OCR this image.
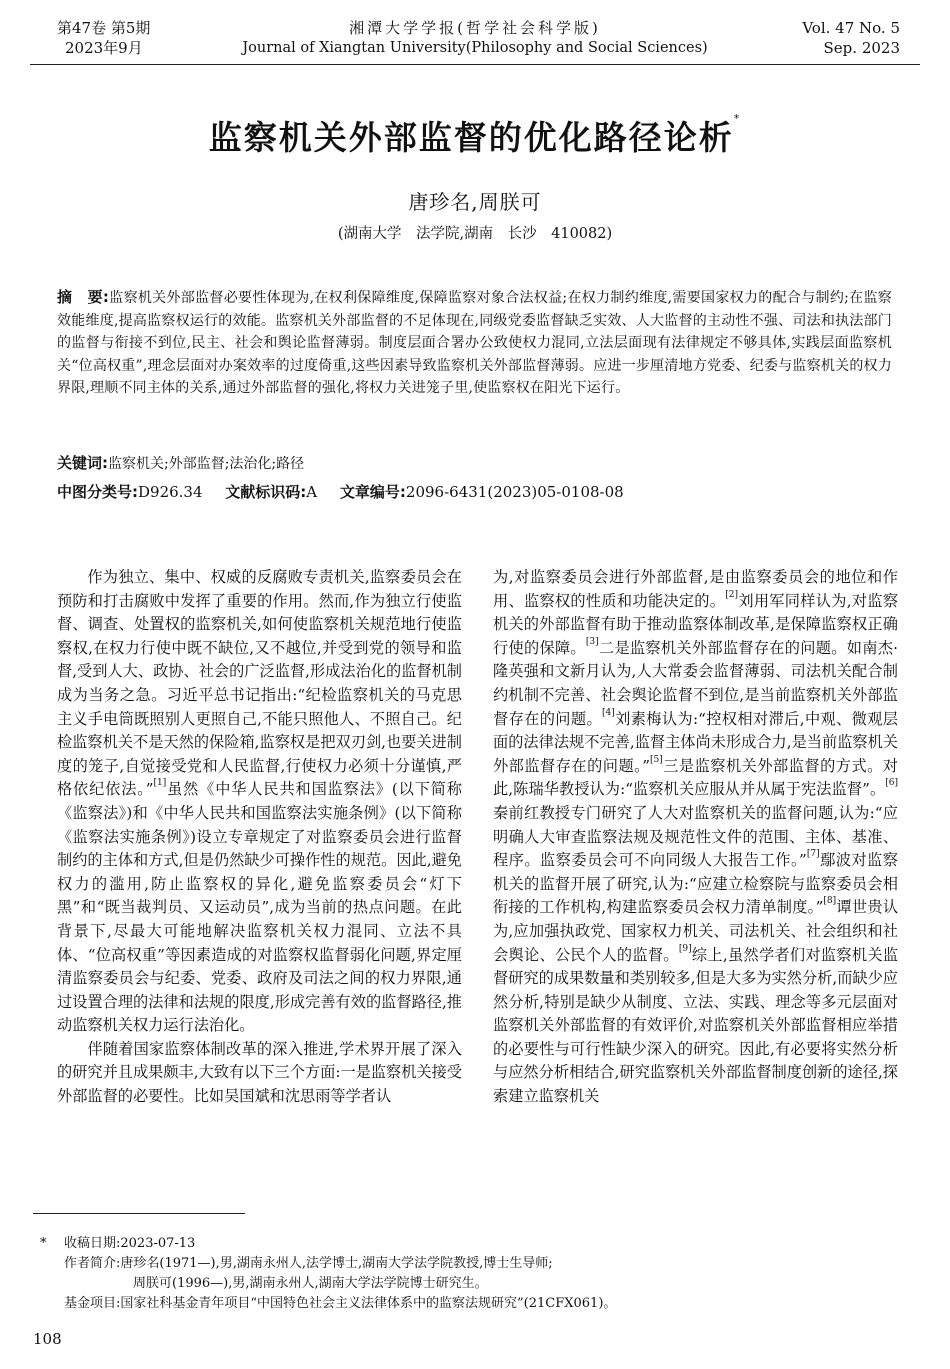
第47卷 第5期
2023年9月
湘潭大学学报(哲学社会科学版)
Journal of Xiangtan University(Philosophy and Social Sciences)
Vol. 47 No. 5
Sep. 2023
监察机关外部监督的优化路径论析*
唐珍名,周朕可
(湖南大学　法学院,湖南　长沙　410082)
摘　要:监察机关外部监督必要性体现为,在权利保障维度,保障监察对象合法权益;在权力制约维度,需要国家权力的配合与制约;在监察效能维度,提高监察权运行的效能。监察机关外部监督的不足体现在,同级党委监督缺乏实效、人大监督的主动性不强、司法和执法部门的监督与衔接不到位,民主、社会和舆论监督薄弱。制度层面合署办公致使权力混同,立法层面现有法律规定不够具体,实践层面监察机关“位高权重”,理念层面对办案效率的过度倚重,这些因素导致监察机关外部监督薄弱。应进一步厘清地方党委、纪委与监察机关的权力界限,理顺不同主体的关系,通过外部监督的强化,将权力关进笼子里,使监察权在阳光下运行。
关键词:监察机关;外部监督;法治化;路径
中图分类号:D926.34 文献标识码:A 文章编号:2096-6431(2023)05-0108-08

作为独立、集中、权威的反腐败专责机关,监察委员会在预防和打击腐败中发挥了重要的作用。然而,作为独立行使监督、调查、处置权的监察机关,如何使监察机关规范地行使监察权,在权力行使中既不缺位,又不越位,并受到党的领导和监督,受到人大、政协、社会的广泛监督,形成法治化的监督机制成为当务之急。习近平总书记指出:“纪检监察机关的马克思主义手电筒既照别人更照自己,不能只照他人、不照自己。纪检监察机关不是天然的保险箱,监察权是把双刃剑,也要关进制度的笼子,自觉接受党和人民监督,行使权力必须十分谨慎,严格依纪依法。”[1]虽然《中华人民共和国监察法》(以下简称《监察法》)和《中华人民共和国监察法实施条例》(以下简称《监察法实施条例》)设立专章规定了对监察委员会进行监督制约的主体和方式,但是仍然缺少可操作性的规范。因此,避免权力的滥用,防止监察权的异化,避免监察委员会“灯下黑”和“既当裁判员、又运动员”,成为当前的热点问题。在此背景下,尽最大可能地解决监察机关权力混同、立法不具体、“位高权重”等因素造成的对监察权监督弱化问题,界定厘清监察委员会与纪委、党委、政府及司法之间的权力界限,通过设置合理的法律和法规的限度,形成完善有效的监督路径,推动监察机关权力运行法治化。

伴随着国家监察体制改革的深入推进,学术界开展了深入的研究并且成果颇丰,大致有以下三个方面:一是监察机关接受外部监督的必要性。比如吴国斌和沈思雨等学者认

为,对监察委员会进行外部监督,是由监察委员会的地位和作用、监察权的性质和功能决定的。[2]刘用军同样认为,对监察机关的外部监督有助于推动监察体制改革,是保障监察权正确行使的保障。[3]二是监察机关外部监督存在的问题。如南杰·隆英强和文新月认为,人大常委会监督薄弱、司法机关配合制约机制不完善、社会舆论监督不到位,是当前监察机关外部监督存在的问题。[4]刘素梅认为:“控权相对滞后,中观、微观层面的法律法规不完善,监督主体尚未形成合力,是当前监察机关外部监督存在的问题。”[5]三是监察机关外部监督的方式。对此,陈瑞华教授认为:“监察机关应服从并从属于宪法监督”。[6]秦前红教授专门研究了人大对监察机关的监督问题,认为:“应明确人大审查监察法规及规范性文件的范围、主体、基准、程序。监察委员会可不向同级人大报告工作。”[7]鄢波对监察机关的监督开展了研究,认为:“应建立检察院与监察委员会相衔接的工作机构,构建监察委员会权力清单制度。”[8]谭世贵认为,应加强执政党、国家权力机关、司法机关、社会组织和社会舆论、公民个人的监督。[9]综上,虽然学者们对监察机关监督研究的成果数量和类别较多,但是大多为实然分析,而缺少应然分析,特别是缺少从制度、立法、实践、理念等多元层面对监察机关外部监督的有效评价,对监察机关外部监督相应举措的必要性与可行性缺少深入的研究。因此,有必要将实然分析与应然分析相结合,研究监察机关外部监督制度创新的途径,探索建立监察机关

* 收稿日期:2023-07-13
作者简介:唐珍名(1971—),男,湖南永州人,法学博士,湖南大学法学院教授,博士生导师;
周朕可(1996—),男,湖南永州人,湖南大学法学院博士研究生。
基金项目:国家社科基金青年项目“中国特色社会主义法律体系中的监察法规研究”(21CFX061)。
108
